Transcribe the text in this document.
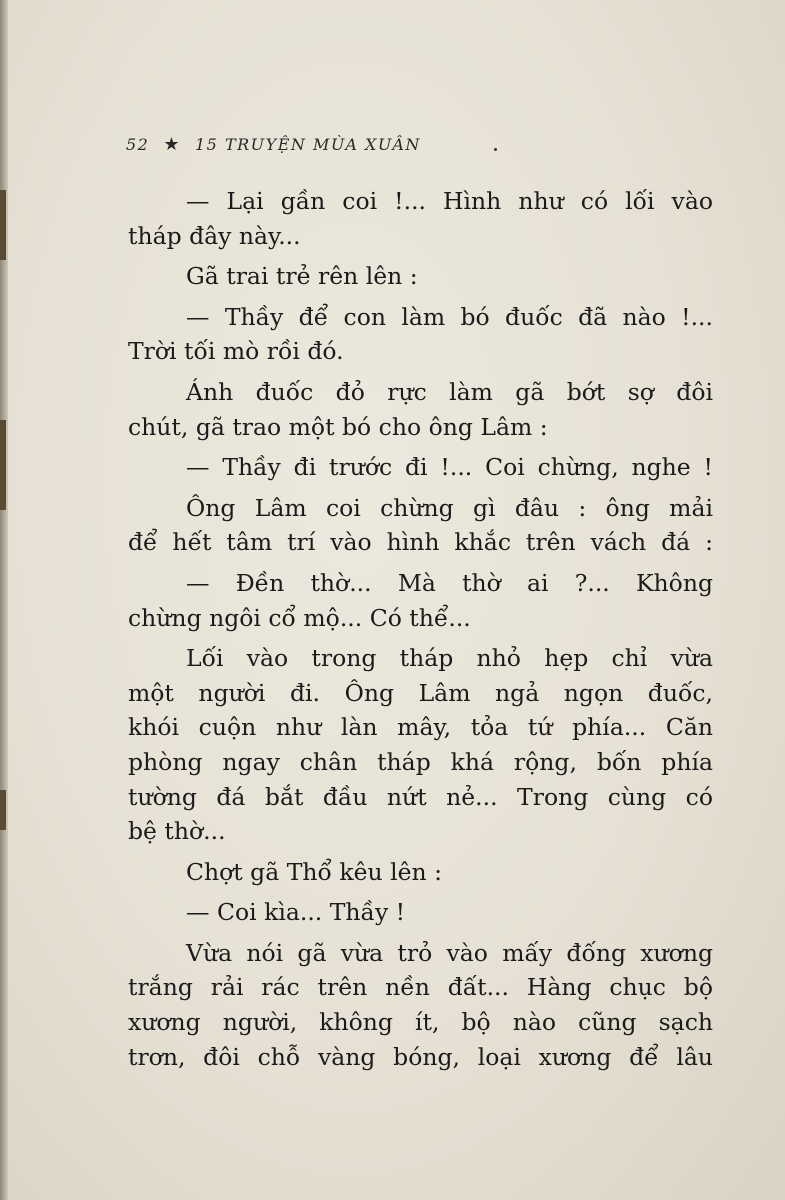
52 ★ 15 TRUYỆN MÙA XUÂN
— Lại gần coi !... Hình như có lối vào
tháp đây này...
Gã trai trẻ rên lên :
— Thầy để con làm bó đuốc đã nào !...
Trời tối mò rồi đó.
Ánh đuốc đỏ rực làm gã bớt sợ đôi
chút, gã trao một bó cho ông Lâm :
— Thầy đi trước đi !... Coi chừng, nghe !
Ông Lâm coi chừng gì đâu : ông mải
để hết tâm trí vào hình khắc trên vách đá :
— Đền thờ... Mà thờ ai ?... Không
chừng ngôi cổ mộ... Có thể...
Lối vào trong tháp nhỏ hẹp chỉ vừa
một người đi. Ông Lâm ngả ngọn đuốc,
khói cuộn như làn mây, tỏa tứ phía... Căn
phòng ngay chân tháp khá rộng, bốn phía
tường đá bắt đầu nứt nẻ... Trong cùng có
bệ thờ...
Chợt gã Thổ kêu lên :
— Coi kìa... Thầy !
Vừa nói gã vừa trỏ vào mấy đống xương
trắng rải rác trên nền đất... Hàng chục bộ
xương người, không ít, bộ nào cũng sạch
trơn, đôi chỗ vàng bóng, loại xương để lâu
